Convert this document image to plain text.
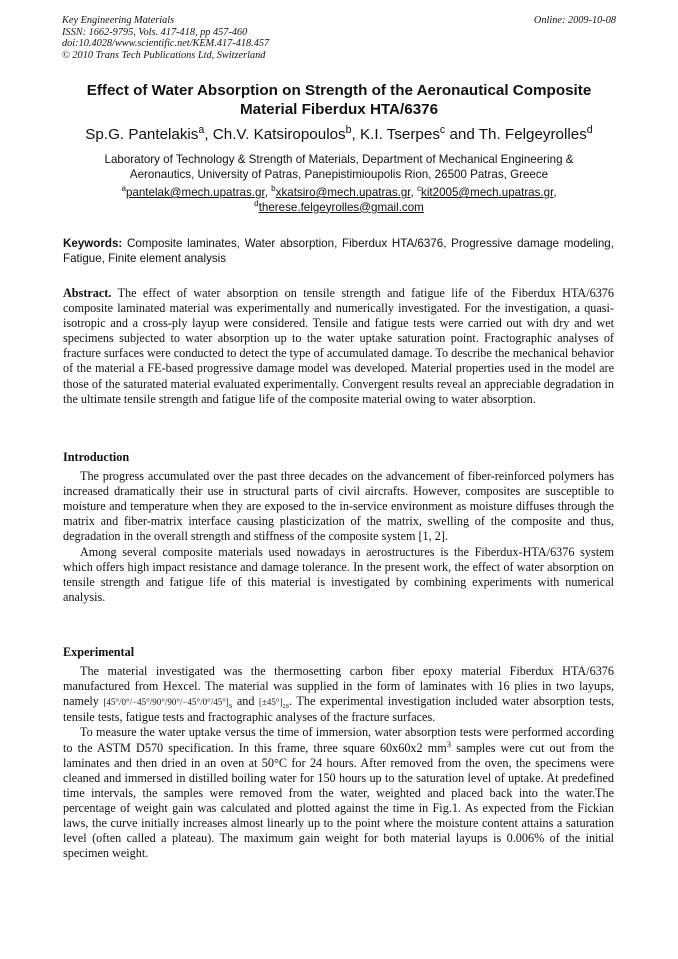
Key Engineering Materials
ISSN: 1662-9795, Vols. 417-418, pp 457-460
doi:10.4028/www.scientific.net/KEM.417-418.457
© 2010 Trans Tech Publications Ltd, Switzerland
Online: 2009-10-08
Effect of Water Absorption on Strength of the Aeronautical Composite
Material Fiberdux HTA/6376
Sp.G. Pantelakis$^a$, Ch.V. Katsiropoulos$^b$, K.I. Tserpes$^c$ and Th. Felgeyrolles$^d$
Laboratory of Technology & Strength of Materials, Department of Mechanical Engineering &
Aeronautics, University of Patras, Panepistimioupolis Rion, 26500 Patras, Greece
$^a$pantelak@mech.upatras.gr, $^b$xkatsiro@mech.upatras.gr, $^c$kit2005@mech.upatras.gr,
$^d$therese.felgeyrolles@gmail.com
Keywords: Composite laminates, Water absorption, Fiberdux HTA/6376, Progressive damage modeling, Fatigue, Finite element analysis

Abstract. The effect of water absorption on tensile strength and fatigue life of the Fiberdux HTA/6376 composite laminated material was experimentally and numerically investigated. For the investigation, a quasi-isotropic and a cross-ply layup were considered. Tensile and fatigue tests were carried out with dry and wet specimens subjected to water absorption up to the water uptake saturation point. Fractographic analyses of fracture surfaces were conducted to detect the type of accumulated damage. To describe the mechanical behavior of the material a FE-based progressive damage model was developed. Material properties used in the model are those of the saturated material evaluated experimentally. Convergent results reveal an appreciable degradation in the ultimate tensile strength and fatigue life of the composite material owing to water absorption.

Introduction

The progress accumulated over the past three decades on the advancement of fiber-reinforced polymers has increased dramatically their use in structural parts of civil aircrafts. However, composites are susceptible to moisture and temperature when they are exposed to the in-service environment as moisture diffuses through the matrix and fiber-matrix interface causing plasticization of the matrix, swelling of the composite and thus, degradation in the overall strength and stiffness of the composite system [1, 2].

Among several composite materials used nowadays in aerostructures is the Fiberdux-HTA/6376 system which offers high impact resistance and damage tolerance. In the present work, the effect of water absorption on tensile strength and fatigue life of this material is investigated by combining experiments with numerical analysis.

Experimental

The material investigated was the thermosetting carbon fiber epoxy material Fiberdux HTA/6376 manufactured from Hexcel. The material was supplied in the form of laminates with 16 plies in two layups, namely $[45^\circ/0^\circ/-45^\circ/90^\circ/90^\circ/-45^\circ/0^\circ/45^\circ]_S$ and $[\pm 45^\circ]_{2S}$. The experimental investigation included water absorption tests, tensile tests, fatigue tests and fractographic analyses of the fracture surfaces.

To measure the water uptake versus the time of immersion, water absorption tests were performed according to the ASTM D570 specification. In this frame, three square 60x60x2 $mm^3$ samples were cut out from the laminates and then dried in an oven at 50°C for 24 hours. After removed from the oven, the specimens were cleaned and immersed in distilled boiling water for 150 hours up to the saturation level of uptake. At predefined time intervals, the samples were removed from the water, weighted and placed back into the water.The percentage of weight gain was calculated and plotted against the time in Fig.1. As expected from the Fickian laws, the curve initially increases almost linearly up to the point where the moisture content attains a saturation level (often called a plateau). The maximum gain weight for both material layups is 0.006% of the initial specimen weight.
